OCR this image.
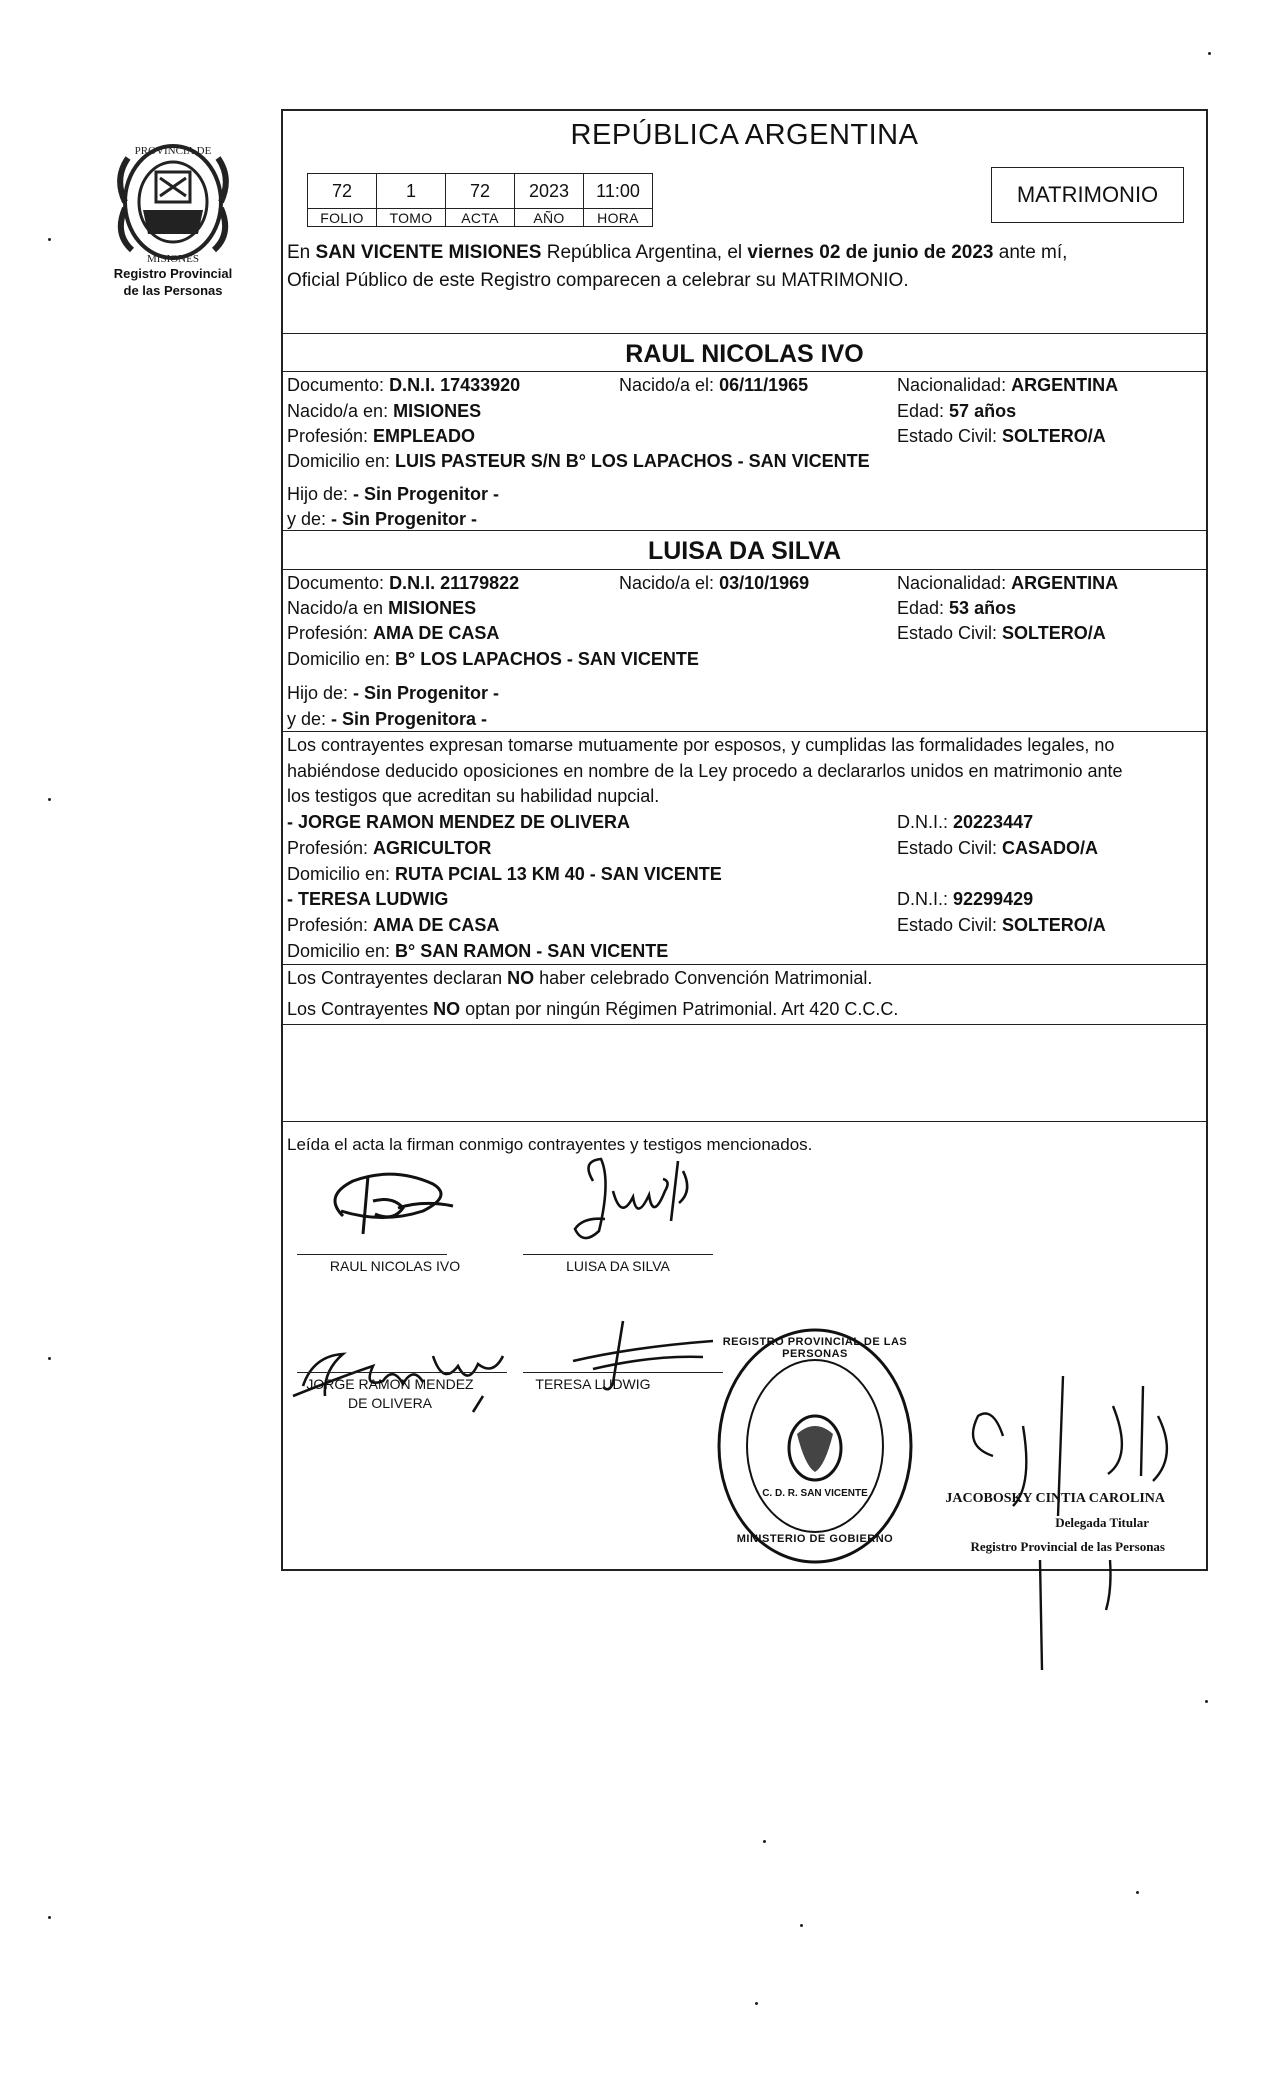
PROVINCIA DE
MISIONES
Registro Provincial
de las Personas
REPÚBLICA ARGENTINA
72	1	72	2023	11:00
FOLIO	TOMO	ACTA	AÑO	HORA
MATRIMONIO
En SAN VICENTE MISIONES República Argentina, el viernes 02 de junio de 2023 ante mí,
Oficial Público de este Registro comparecen a celebrar su MATRIMONIO.
RAUL NICOLAS IVO
Documento: D.N.I. 17433920	Nacido/a el: 06/11/1965	Nacionalidad: ARGENTINA
Nacido/a en: MISIONES	Edad: 57 años
Profesión: EMPLEADO	Estado Civil: SOLTERO/A
Domicilio en: LUIS PASTEUR S/N B° LOS LAPACHOS - SAN VICENTE
Hijo de: - Sin Progenitor -
y de: - Sin Progenitor -
LUISA DA SILVA
Documento: D.N.I. 21179822	Nacido/a el: 03/10/1969	Nacionalidad: ARGENTINA
Nacido/a en MISIONES	Edad: 53 años
Profesión: AMA DE CASA	Estado Civil: SOLTERO/A
Domicilio en: B° LOS LAPACHOS - SAN VICENTE
Hijo de: - Sin Progenitor -
y de: - Sin Progenitora -
Los contrayentes expresan tomarse mutuamente por esposos, y cumplidas las formalidades legales, no
habiéndose deducido oposiciones en nombre de la Ley procedo a declararlos unidos en matrimonio ante
los testigos que acreditan su habilidad nupcial.
- JORGE RAMON MENDEZ DE OLIVERA	D.N.I.: 20223447
Profesión: AGRICULTOR	Estado Civil: CASADO/A
Domicilio en: RUTA PCIAL 13 KM 40 - SAN VICENTE
- TERESA LUDWIG	D.N.I.: 92299429
Profesión: AMA DE CASA	Estado Civil: SOLTERO/A
Domicilio en: B° SAN RAMON - SAN VICENTE
Los Contrayentes declaran NO haber celebrado Convención Matrimonial.
Los Contrayentes NO optan por ningún Régimen Patrimonial. Art 420 C.C.C.
Leída el acta la firman conmigo contrayentes y testigos mencionados.
RAUL NICOLAS IVO	LUISA DA SILVA
JORGE RAMON MENDEZ
DE OLIVERA
TERESA LUDWIG
REGISTRO PROVINCIAL DE LAS PERSONAS
C. D. R. SAN VICENTE
MINISTERIO DE GOBIERNO
JACOBOSKY CINTIA CAROLINA
Delegada Titular
Registro Provincial de las Personas
